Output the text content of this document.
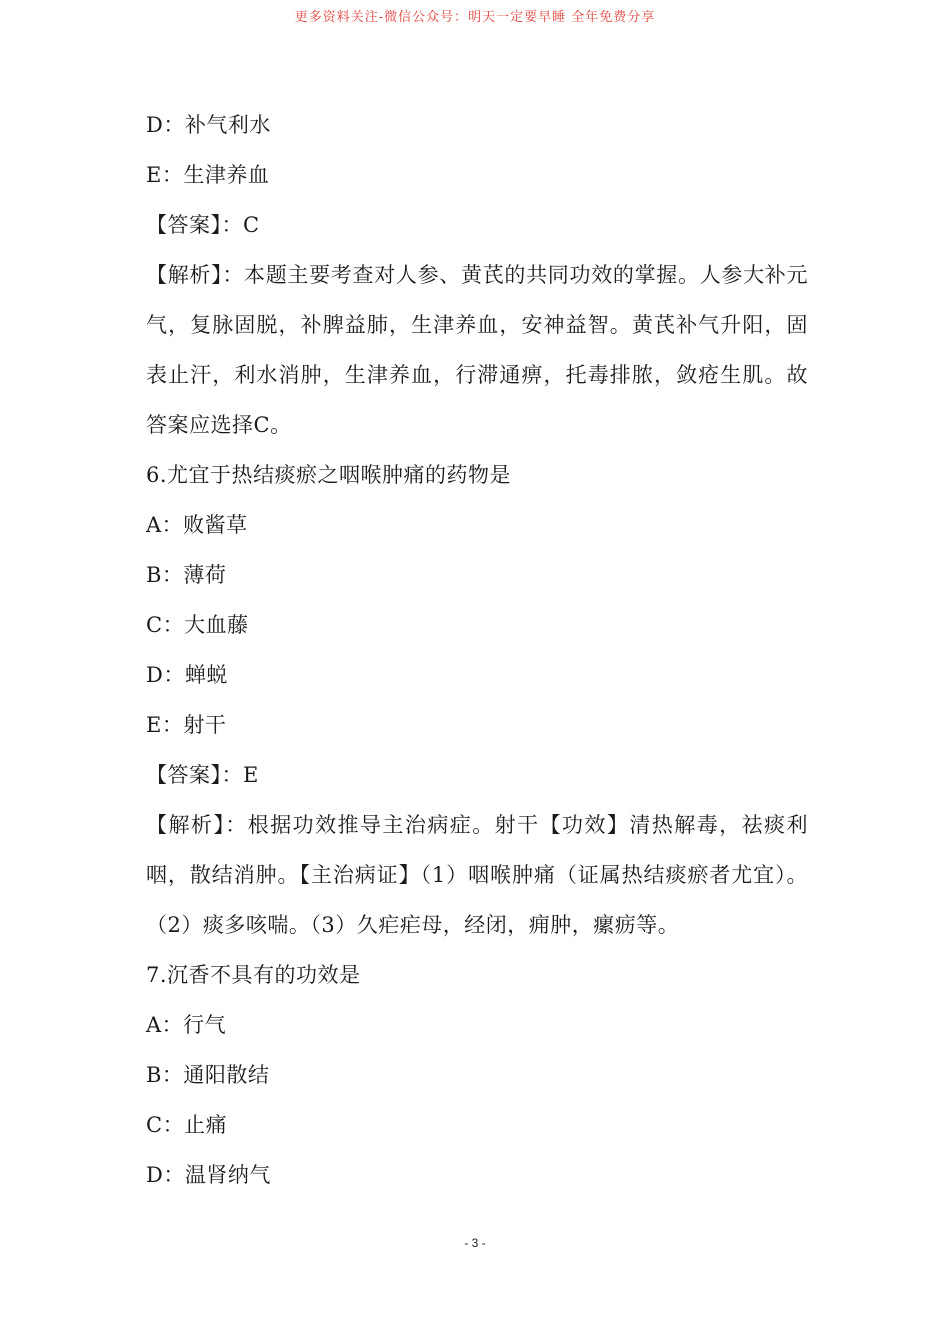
更多资料关注-微信公众号：明天一定要早睡 全年免费分享
D：补气利水
E：生津养血
【答案】：C
【解析】：本题主要考查对人参、黄芪的共同功效的掌握。人参大补元气，复脉固脱，补脾益肺，生津养血，安神益智。黄芪补气升阳，固表止汗，利水消肿，生津养血，行滞通痹，托毒排脓，敛疮生肌。故答案应选择C。
6.尤宜于热结痰瘀之咽喉肿痛的药物是
A：败酱草
B：薄荷
C：大血藤
D：蝉蜕
E：射干
【答案】：E
【解析】：根据功效推导主治病症。射干【功效】清热解毒，祛痰利咽，散结消肿。【主治病证】（1）咽喉肿痛（证属热结痰瘀者尤宜）。（2）痰多咳喘。（3）久疟疟母，经闭，痈肿，瘰疬等。
7.沉香不具有的功效是
A：行气
B：通阳散结
C：止痛
D：温肾纳气
- 3 -
